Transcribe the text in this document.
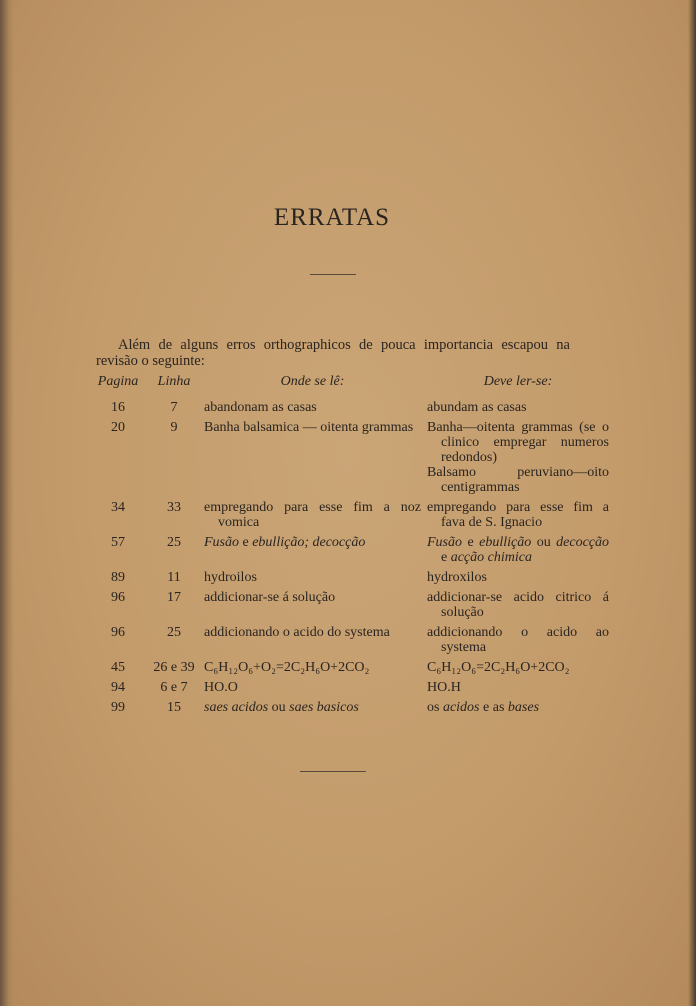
ERRATAS

Além de alguns erros orthographicos de pouca importancia escapou na revisão o seguinte:

Pagina	Linha	Onde se lê:	Deve ler-se:
16	7	abandonam as casas	abundam as casas
20	9	Banha balsamica — oitenta grammas	Banha—oitenta grammas (se o clinico empregar numeros redondos)
Balsamo peruviano—oito centigrammas

34	33	empregando para esse fim a noz vomica	empregando para esse fim a fava de S. Ignacio
57	25	Fusão e ebullição; decocção	Fusão e ebullição ou decocção e acção chimica
89	11	hydroilos	hydroxilos
96	17	addicionar-se á solução	addicionar-se acido citrico á solução
96	25	addicionando o acido do systema	addicionando o acido ao systema
45	26 e 39	C₆H₁₂O₆+O₂=2C₂H₆O+2CO₂	C₆H₁₂O₆=2C₂H₆O+2CO₂
94	6 e 7	HO.O	HO.H
99	15	saes acidos ou saes basicos	os acidos e as bases
